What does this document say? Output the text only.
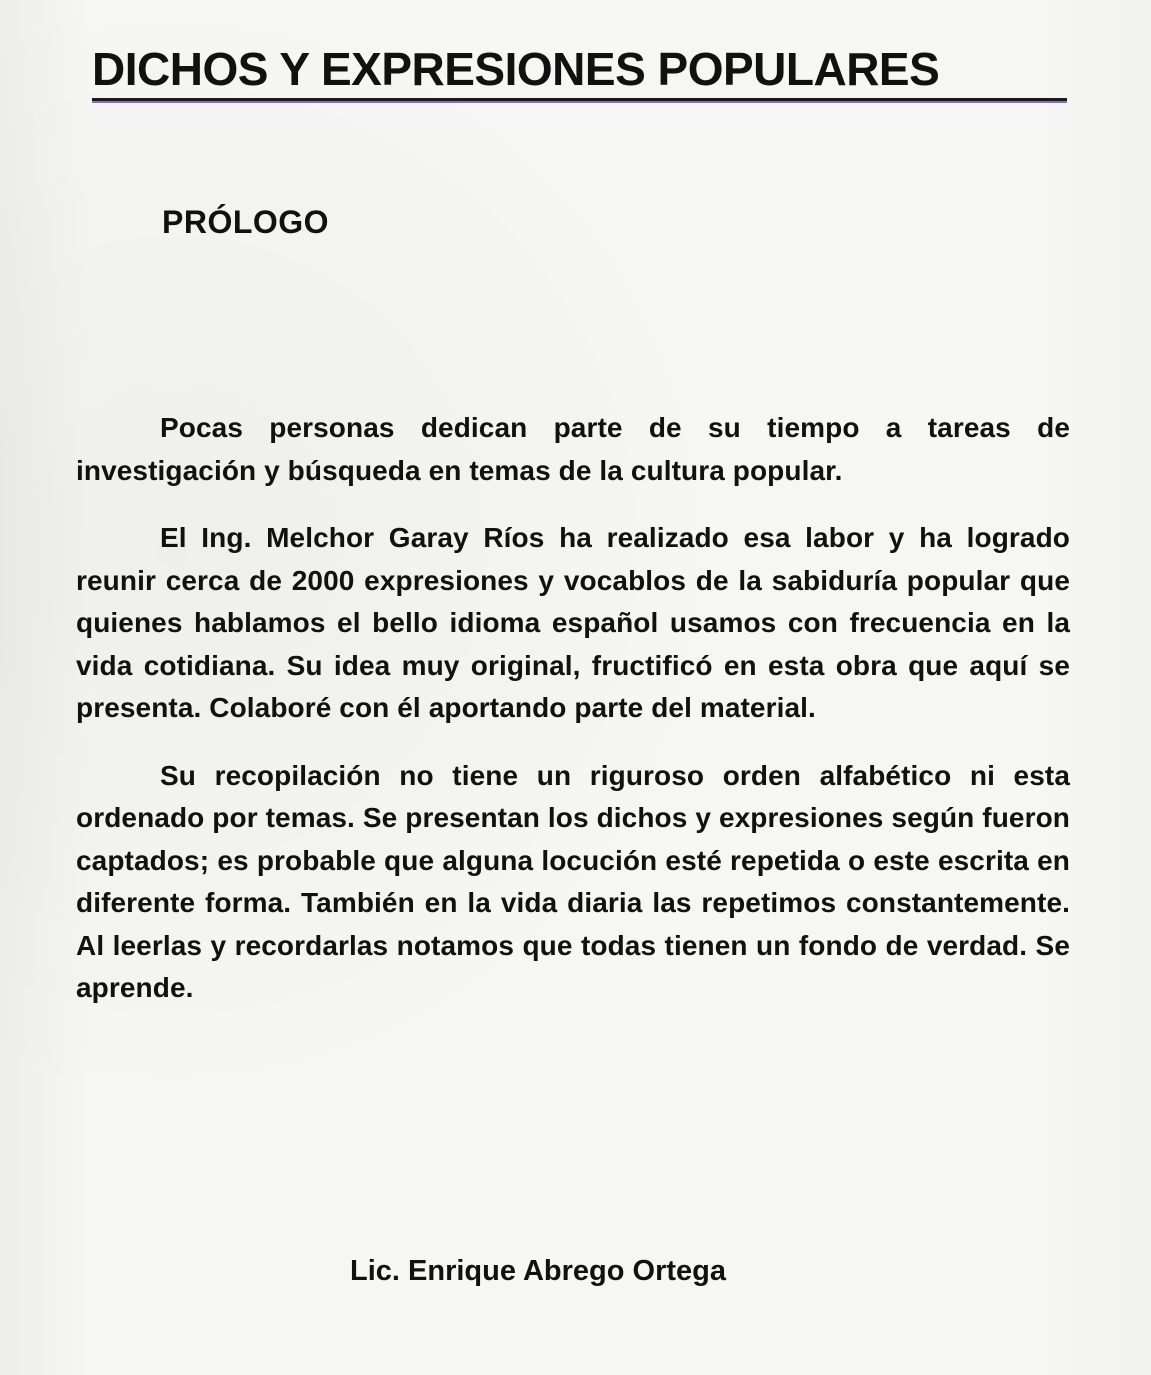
DICHOS Y EXPRESIONES POPULARES
PRÓLOGO

Pocas personas dedican parte de su tiempo a tareas de investigación y búsqueda en temas de la cultura popular.

El Ing. Melchor Garay Ríos ha realizado esa labor y ha logrado reunir cerca de 2000 expresiones y vocablos de la sabiduría popular que quienes hablamos el bello idioma español usamos con frecuencia en la vida cotidiana. Su idea muy original, fructificó en esta obra que aquí se presenta. Colaboré con él aportando parte del material.

Su recopilación no tiene un riguroso orden alfabético ni esta ordenado por temas. Se presentan los dichos y expresiones según fueron captados; es probable que alguna locución esté repetida o este escrita en diferente forma. También en la vida diaria las repetimos constantemente. Al leerlas y recordarlas notamos que todas tienen un fondo de verdad. Se aprende.

Lic. Enrique Abrego Ortega
